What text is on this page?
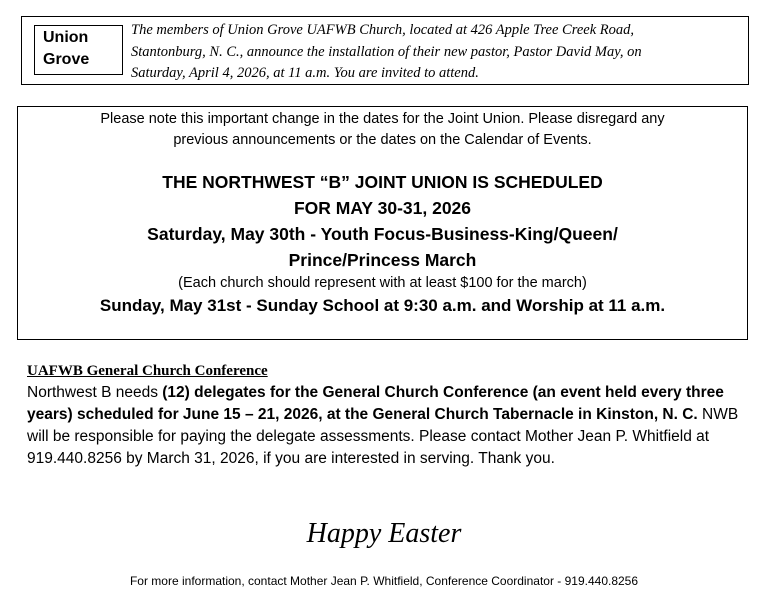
Union
Grove
The members of Union Grove UAFWB Church, located at 426 Apple Tree Creek Road, Stantonburg, N. C., announce the installation of their new pastor, Pastor David May, on Saturday, April 4, 2026, at 11 a.m. You are invited to attend.

Please note this important change in the dates for the Joint Union. Please disregard any

previous announcements or the dates on the Calendar of Events.

THE NORTHWEST “B” JOINT UNION IS SCHEDULED

FOR MAY 30-31, 2026

Saturday, May 30th - Youth Focus-Business-King/Queen/

Prince/Princess March

(Each church should represent with at least $100 for the march)

Sunday, May 31st - Sunday School at 9:30 a.m. and Worship at 11 a.m.

UAFWB General Church Conference
Northwest B needs (12) delegates for the General Church Conference (an event held every three years) scheduled for June 15 – 21, 2026, at the General Church Tabernacle in Kinston, N. C. NWB will be responsible for paying the delegate assessments. Please contact Mother Jean P. Whitfield at 919.440.8256 by March 31, 2026, if you are interested in serving. Thank you.
Happy Easter
For more information, contact Mother Jean P. Whitfield, Conference Coordinator - 919.440.8256
